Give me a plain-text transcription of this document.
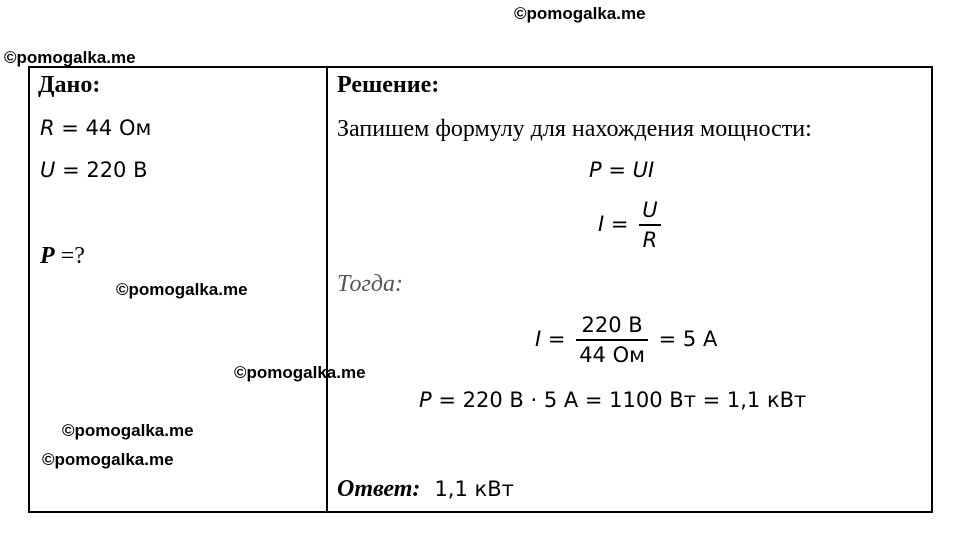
©pomogalka.me
©pomogalka.me
©pomogalka.me
©pomogalka.me
©pomogalka.me
©pomogalka.me
Дано:
R = 44 Ом
U = 220 В
P =?
Решение:
Запишем формулу для нахождения мощности:
P = UI
$I = \frac{U}{R}$
Тогда:
$I = \frac{220 В}{44 Ом} = 5$ А
P = 220 В · 5 А = 1100 Вт = 1,1 кВт
Ответ: 1,1 кВт
